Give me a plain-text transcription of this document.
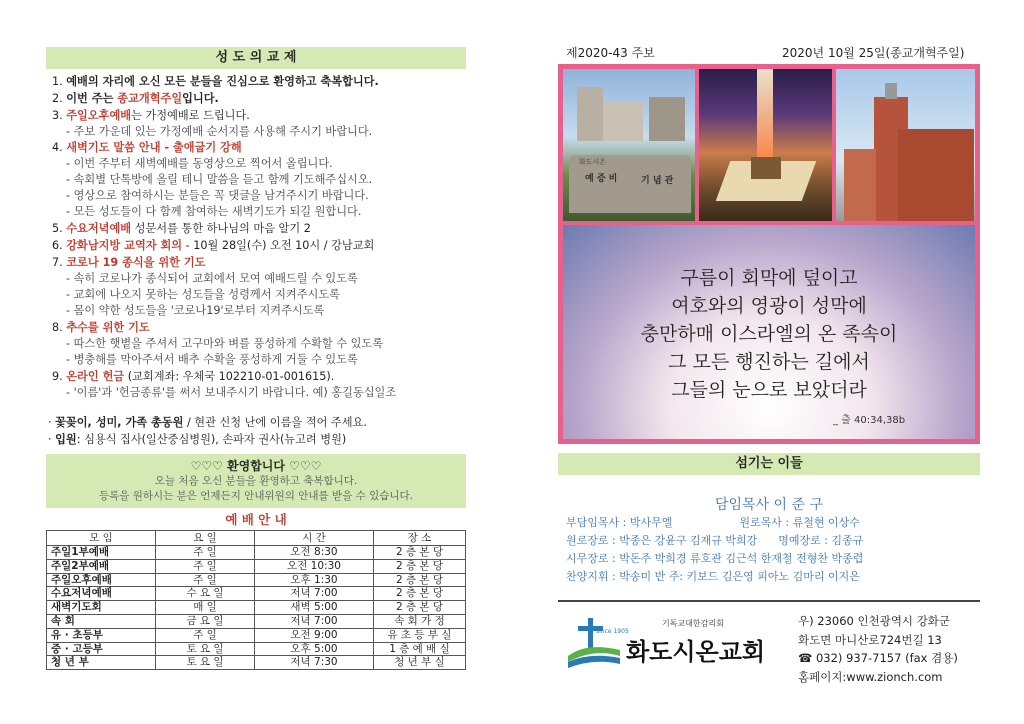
성 도 의 교 제
1. 예배의 자리에 오신 모든 분들을 진심으로 환영하고 축복합니다.
2. 이번 주는 종교개혁주일입니다.
3. 주일오후예배는 가정예배로 드립니다.
- 주보 가운데 있는 가정예배 순서지를 사용해 주시기 바랍니다.
4. 새벽기도 말씀 안내 - 출애굽기 강해
- 이번 주부터 새벽예배를 동영상으로 찍어서 올립니다.
- 속회별 단톡방에 올릴 테니 말씀을 듣고 함께 기도해주십시오.
- 영상으로 참여하시는 분들은 꼭 댓글을 남겨주시기 바랍니다.
- 모든 성도들이 다 함께 참여하는 새벽기도가 되길 원합니다.
5. 수요저녁예배 성문서를 통한 하나님의 마음 알기 2
6. 강화남지방 교역자 회의 - 10월 28일(수) 오전 10시 / 강남교회
7. 코로나 19 종식을 위한 기도
- 속히 코로나가 종식되어 교회에서 모여 예배드릴 수 있도록
- 교회에 나오지 못하는 성도들을 성령께서 지켜주시도록
- 몸이 약한 성도들을 '코로나19'로부터 지켜주시도록
8. 추수를 위한 기도
- 따스한 햇볕을 주셔서 고구마와 벼를 풍성하게 수확할 수 있도록
- 병충해를 막아주셔서 배추 수확을 풍성하게 거둘 수 있도록
9. 온라인 헌금 (교회계좌: 우체국 102210-01-001615).
- '이름'과 '헌금종류'를 써서 보내주시기 바랍니다. 예) 홍길동십일조
· 꽃꽂이, 성미, 가족 총동원 / 현관 신청 난에 이름을 적어 주세요.
· 입원: 심용식 집사(일산중심병원), 손파자 권사(뉴고려 병원)
♡♡♡ 환영합니다 ♡♡♡
오늘 처음 오신 분들을 환영하고 축복합니다.
등록을 원하시는 분은 언제든지 안내위원의 안내를 받을 수 있습니다.
예 배 안 내
모 임	요 일	시 간	장 소
주일1부예배	주 일	오전 8:30	2 층 본 당
주일2부예배	주 일	오전 10:30	2 층 본 당
주일오후예배	주 일	오후 1:30	2 층 본 당
수요저녁예배	수 요 일	저녁 7:00	2 층 본 당
새벽기도회	매 일	새벽 5:00	2 층 본 당
속 회	금 요 일	저녁 7:00	속 회 가 정
유 · 초등부	주 일	오전 9:00	유 초 등 부 실
중 · 고등부	토 요 일	오후 5:00	1 층 예 배 실
청 년 부	토 요 일	저녁 7:30	청 년 부 실
제2020-43 주보	2020년 10월 25일(종교개혁주일)
화도시온
예 증 비	기 념 관
구름이 회막에 덮이고
여호와의 영광이 성막에
충만하매 이스라엘의 온 족속이
그 모든 행진하는 길에서
그들의 눈으로 보았더라
_ 출 40:34,38b
섬기는 이들
담임목사 이 준 구
부담임목사 : 박사무엘	원로목사 : 류철현 이상수
원로장로 : 박종은 강윤구 김재규 박희강 명예장로 : 김종규
시무장로 : 박돈주 박희경 류호관 김근석 한재철 전형찬 박종렵
찬양지휘 : 박송미 반 주: 키보드 김은영 피아노 김마리 이지은
since 1905
기독교대한감리회
화도시온교회
우) 23060 인천광역시 강화군
화도면 마니산로724번길 13
☎ 032) 937-7157 (fax 겸용)
홈페이지:www.zionch.com
